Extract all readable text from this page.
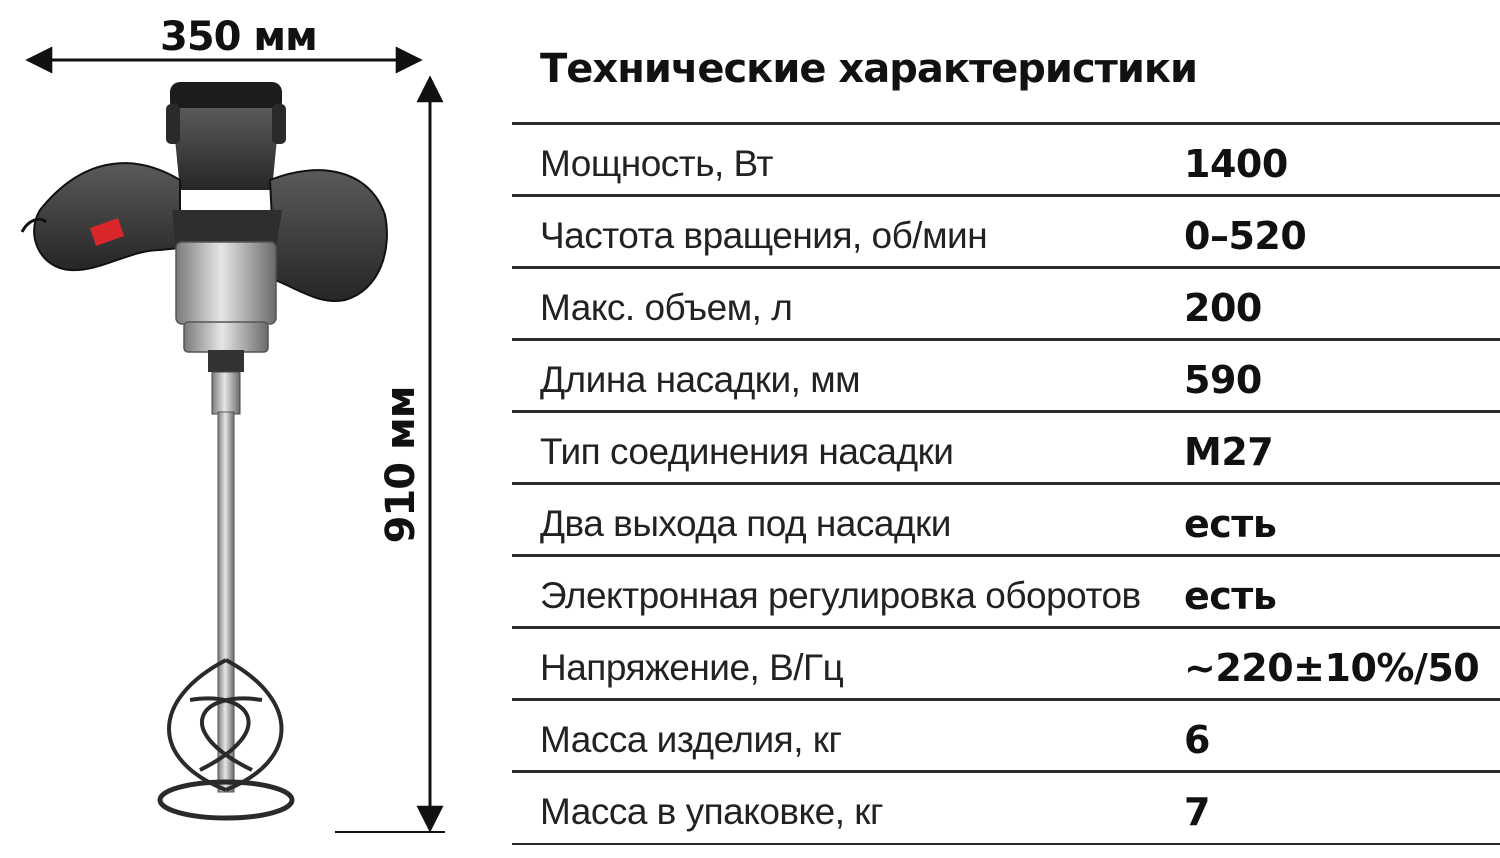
350 мм
910 мм
Технические характеристики
Мощность, Вт	1400
Частота вращения, об/мин	0–520
Макс. объем, л	200
Длина насадки, мм	590
Тип соединения насадки	M27
Два выхода под насадки	есть
Электронная регулировка оборотов есть
Напряжение, В/Гц	~220±10%/50
Масса изделия, кг	6
Масса в упаковке, кг	7
